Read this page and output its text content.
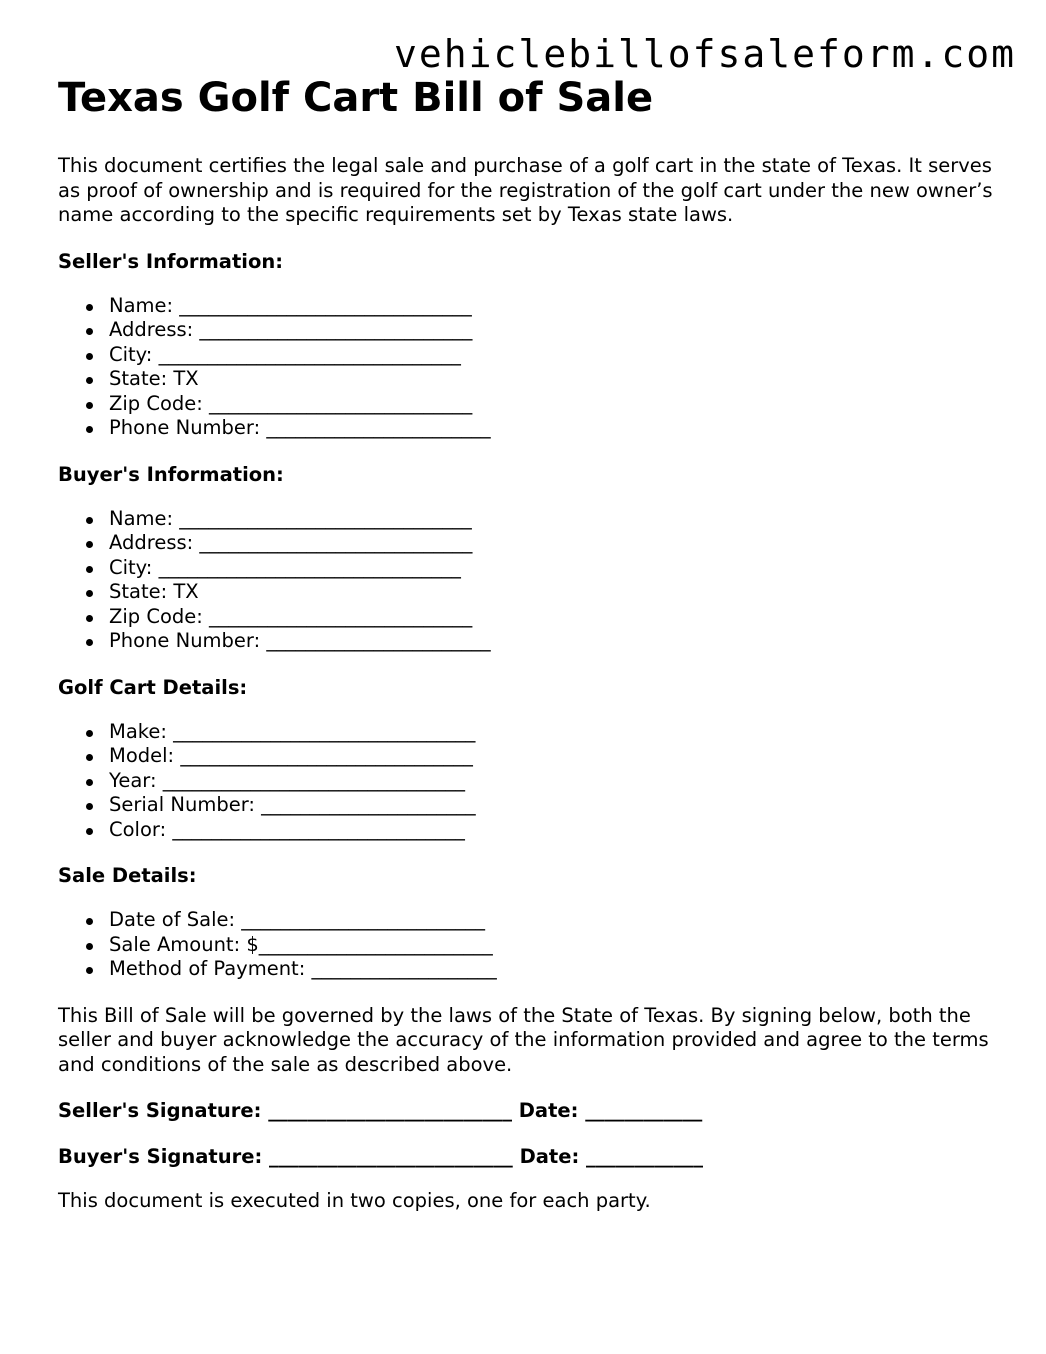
vehiclebillofsaleform.com
Texas Golf Cart Bill of Sale

This document certifies the legal sale and purchase of a golf cart in the state of Texas. It serves as proof of ownership and is required for the registration of the golf cart under the new owner’s name according to the specific requirements set by Texas state laws.

Seller's Information:
Name: ______________________________
Address: ____________________________
City: _______________________________
State: TX
Zip Code: ___________________________
Phone Number: _______________________
Buyer's Information:
Name: ______________________________
Address: ____________________________
City: _______________________________
State: TX
Zip Code: ___________________________
Phone Number: _______________________
Golf Cart Details:
Make: _______________________________
Model: ______________________________
Year: _______________________________
Serial Number: ______________________
Color: ______________________________
Sale Details:
Date of Sale: _________________________
Sale Amount: $________________________
Method of Payment: ___________________

This Bill of Sale will be governed by the laws of the State of Texas. By signing below, both the seller and buyer acknowledge the accuracy of the information provided and agree to the terms and conditions of the sale as described above.

Seller's Signature: _________________________ Date: ____________
Buyer's Signature: _________________________ Date: ____________

This document is executed in two copies, one for each party.
